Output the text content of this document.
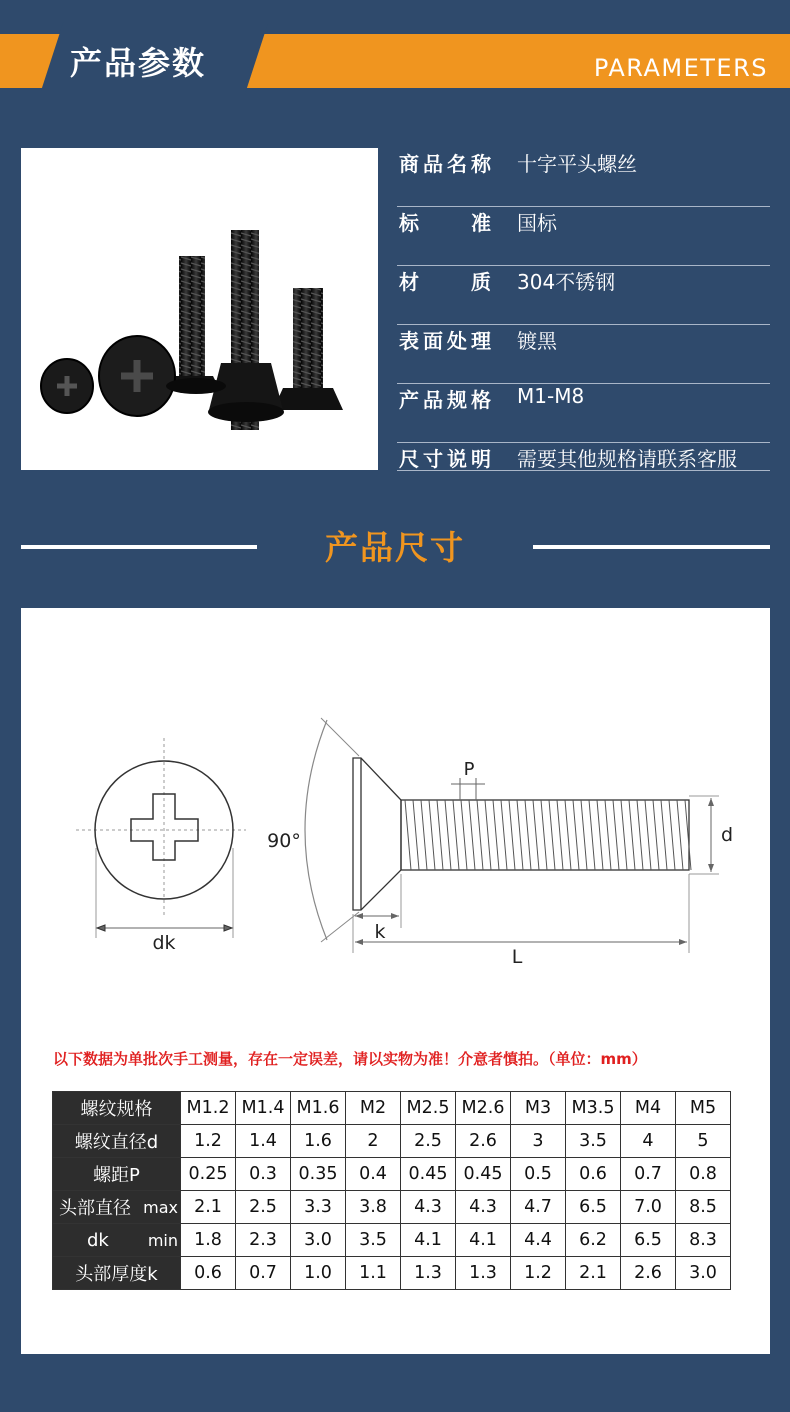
产品参数	PARAMETERS
商品名称 十字平头螺丝
标准 国标
材质 304不锈钢
表面处理 镀黑
产品规格 M1-M8
尺寸说明 需要其他规格请联系客服
产品尺寸
dk
90°
P
d
k
L
以下数据为单批次手工测量，存在一定误差，请以实物为准！介意者慎拍。（单位：mm）
螺纹规格	M1.2	M1.4	M1.6	M2	M2.5	M2.6	M3	M3.5	M4	M5
螺纹直径d	1.2	1.4	1.6	2	2.5	2.6	3	3.5	4	5
螺距P	0.25	0.3	0.35	0.4	0.45	0.45	0.5	0.6	0.7	0.8

头部直径 max	2.1	2.5	3.3	3.8	4.3	4.3	4.7	6.5	7.0	8.5

dk min	1.8	2.3	3.0	3.5	4.1	4.1	4.4	6.2	6.5	8.3
头部厚度k	0.6	0.7	1.0	1.1	1.3	1.3	1.2	2.1	2.6	3.0
